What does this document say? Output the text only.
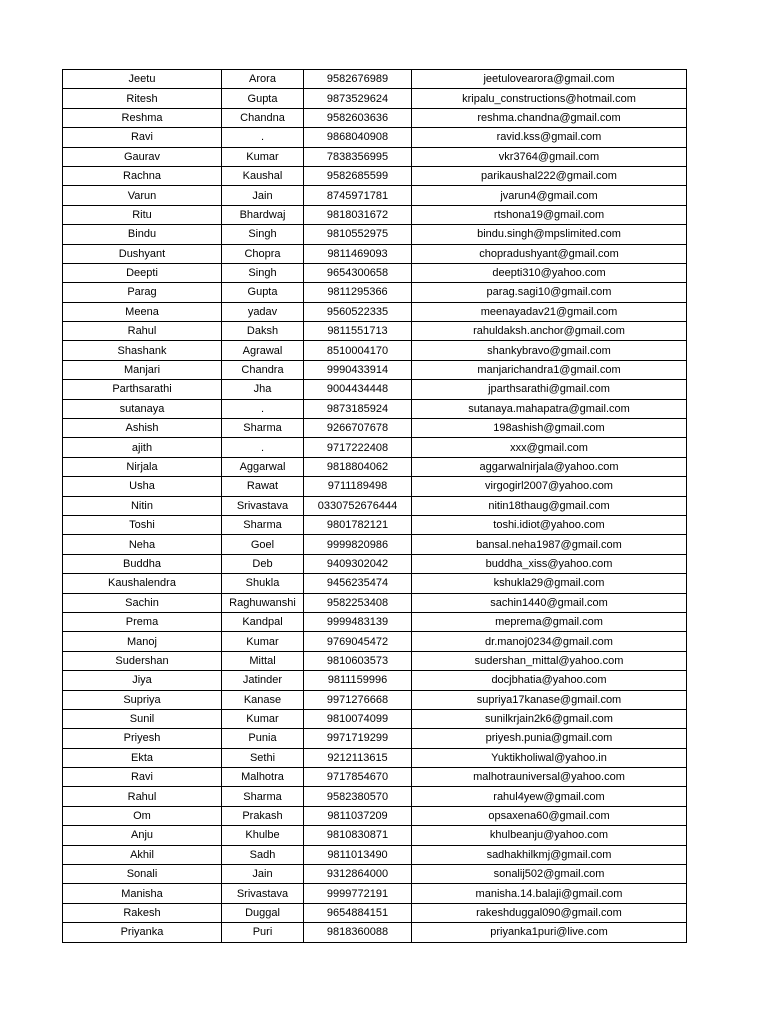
Jeetu	Arora	9582676989	jeetulovearora@gmail.com
Ritesh	Gupta	9873529624	kripalu_constructions@hotmail.com
Reshma	Chandna	9582603636	reshma.chandna@gmail.com
Ravi	.	9868040908	ravid.kss@gmail.com
Gaurav	Kumar	7838356995	vkr3764@gmail.com
Rachna	Kaushal	9582685599	parikaushal222@gmail.com
Varun	Jain	8745971781	jvarun4@gmail.com
Ritu	Bhardwaj	9818031672	rtshona19@gmail.com
Bindu	Singh	9810552975	bindu.singh@mpslimited.com
Dushyant	Chopra	9811469093	chopradushyant@gmail.com
Deepti	Singh	9654300658	deepti310@yahoo.com
Parag	Gupta	9811295366	parag.sagi10@gmail.com
Meena	yadav	9560522335	meenayadav21@gmail.com
Rahul	Daksh	9811551713	rahuldaksh.anchor@gmail.com
Shashank	Agrawal	8510004170	shankybravo@gmail.com
Manjari	Chandra	9990433914	manjarichandra1@gmail.com
Parthsarathi	Jha	9004434448	jparthsarathi@gmail.com
sutanaya	.	9873185924	sutanaya.mahapatra@gmail.com
Ashish	Sharma	9266707678	198ashish@gmail.com
ajith	.	9717222408	xxx@gmail.com
Nirjala	Aggarwal	9818804062	aggarwalnirjala@yahoo.com
Usha	Rawat	9711189498	virgogirl2007@yahoo.com
Nitin	Srivastava	0330752676444	nitin18thaug@gmail.com
Toshi	Sharma	9801782121	toshi.idiot@yahoo.com
Neha	Goel	9999820986	bansal.neha1987@gmail.com
Buddha	Deb	9409302042	buddha_xiss@yahoo.com
Kaushalendra	Shukla	9456235474	kshukla29@gmail.com
Sachin	Raghuwanshi	9582253408	sachin1440@gmail.com
Prema	Kandpal	9999483139	meprema@gmail.com
Manoj	Kumar	9769045472	dr.manoj0234@gmail.com
Sudershan	Mittal	9810603573	sudershan_mittal@yahoo.com
Jiya	Jatinder	9811159996	docjbhatia@yahoo.com
Supriya	Kanase	9971276668	supriya17kanase@gmail.com
Sunil	Kumar	9810074099	sunilkrjain2k6@gmail.com
Priyesh	Punia	9971719299	priyesh.punia@gmail.com
Ekta	Sethi	9212113615	Yuktikholiwal@yahoo.in
Ravi	Malhotra	9717854670	malhotrauniversal@yahoo.com
Rahul	Sharma	9582380570	rahul4yew@gmail.com
Om	Prakash	9811037209	opsaxena60@gmail.com
Anju	Khulbe	9810830871	khulbeanju@yahoo.com
Akhil	Sadh	9811013490	sadhakhilkmj@gmail.com
Sonali	Jain	9312864000	sonalij502@gmail.com
Manisha	Srivastava	9999772191	manisha.14.balaji@gmail.com
Rakesh	Duggal	9654884151	rakeshduggal090@gmail.com
Priyanka	Puri	9818360088	priyanka1puri@live.com
